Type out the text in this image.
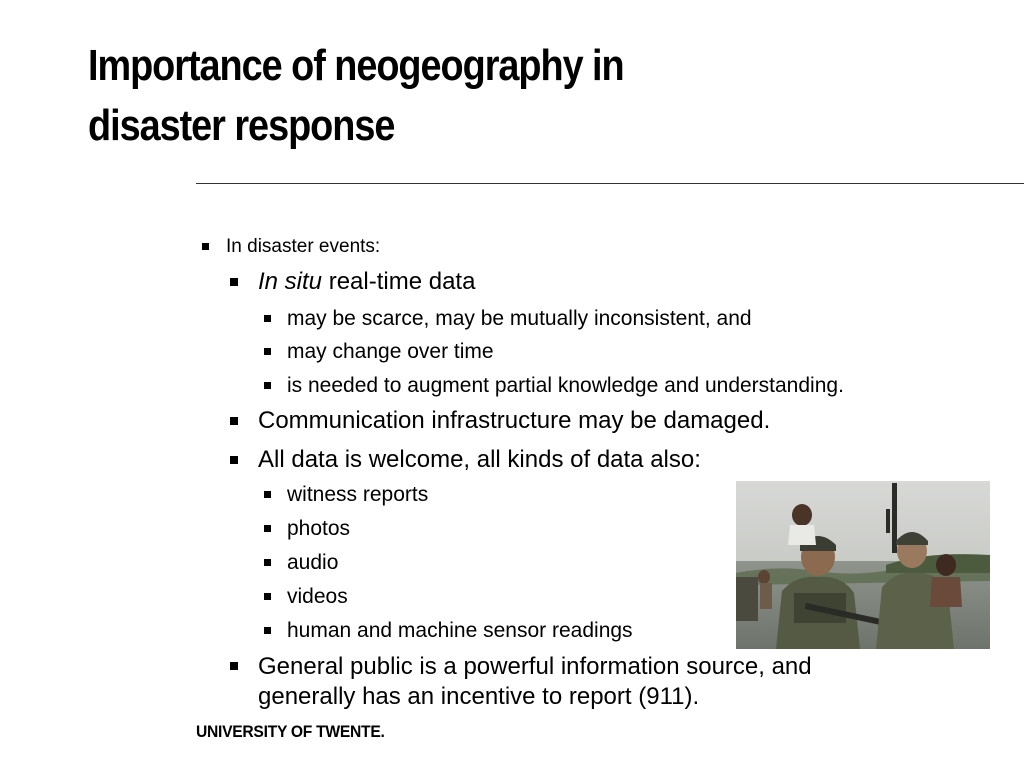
Importance of neogeography in
disaster response
In disaster events:
In situ real-time data
may be scarce, may be mutually inconsistent, and
may change over time
is needed to augment partial knowledge and understanding.
Communication infrastructure may be damaged.
All data is welcome, all kinds of data also:
witness reports
photos
audio
videos
human and machine sensor readings
General public is a powerful information source, and
generally has an incentive to report (911).
UNIVERSITY OF TWENTE.
